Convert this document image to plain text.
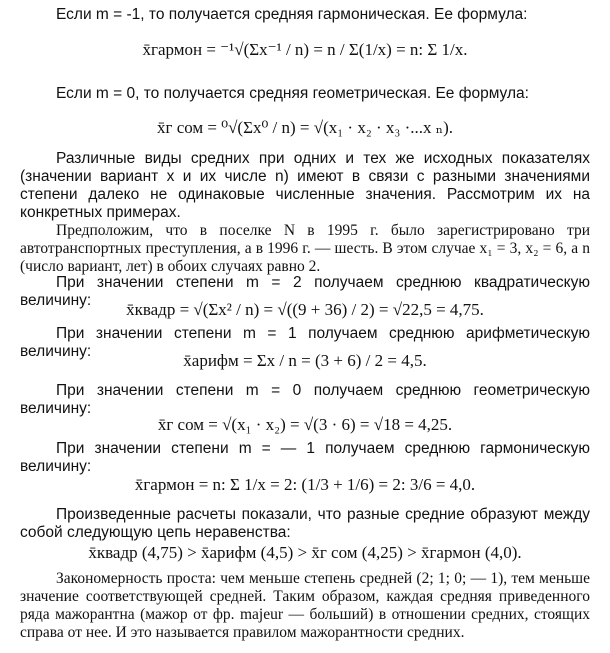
Если m = -1, то получается средняя гармоническая. Ее формула:

x̄гармон = ⁻¹√(Σx⁻¹ / n) = n / Σ(1/x) = n: Σ 1/x.

Если m = 0, то получается средняя геометрическая. Ее формула:

x̄г сом = ⁰√(Σx⁰ / n) = √(x₁ · x₂ · x₃ ·...x ₙ).

Различные виды средних при одних и тех же исходных показателях (значении вариант x и их числе n) имеют в связи с разными значениями степени далеко не одинаковые численные значения. Рассмотрим их на конкретных примерах.

Предположим, что в поселке N в 1995 г. было зарегистрировано три автотранспортных преступления, а в 1996 г. — шесть. В этом случае x₁ = 3, x₂ = 6, а n (число вариант, лет) в обоих случаях равно 2.

При значении степени m = 2 получаем среднюю квадратическую величину:	x̄квадр = √(Σx² / n) = √((9 + 36) / 2) = √22,5 = 4,75.

При значении степени m = 1 получаем среднюю арифметическую величину:	x̄арифм = Σx / n = (3 + 6) / 2 = 4,5.

При значении степени m = 0 получаем среднюю геометрическую величину:

x̄г сом = √(x₁ · x₂) = √(3 · 6) = √18 = 4,25.

При значении степени m = — 1 получаем среднюю гармоническую величину:

x̄гармон = n: Σ 1/x = 2: (1/3 + 1/6) = 2: 3/6 = 4,0.

Произведенные расчеты показали, что разные средние образуют между собой следующую цепь неравенства:

x̄квадр (4,75) > x̄арифм (4,5) > x̄г сом (4,25) > x̄гармон (4,0).

Закономерность проста: чем меньше степень средней (2; 1; 0; — 1), тем меньше значение соответствующей средней. Таким образом, каждая средняя приведенного ряда мажорантна (мажор от фр. majeur — больший) в отношении средних, стоящих справа от нее. И это называется правилом мажорантности средних.
